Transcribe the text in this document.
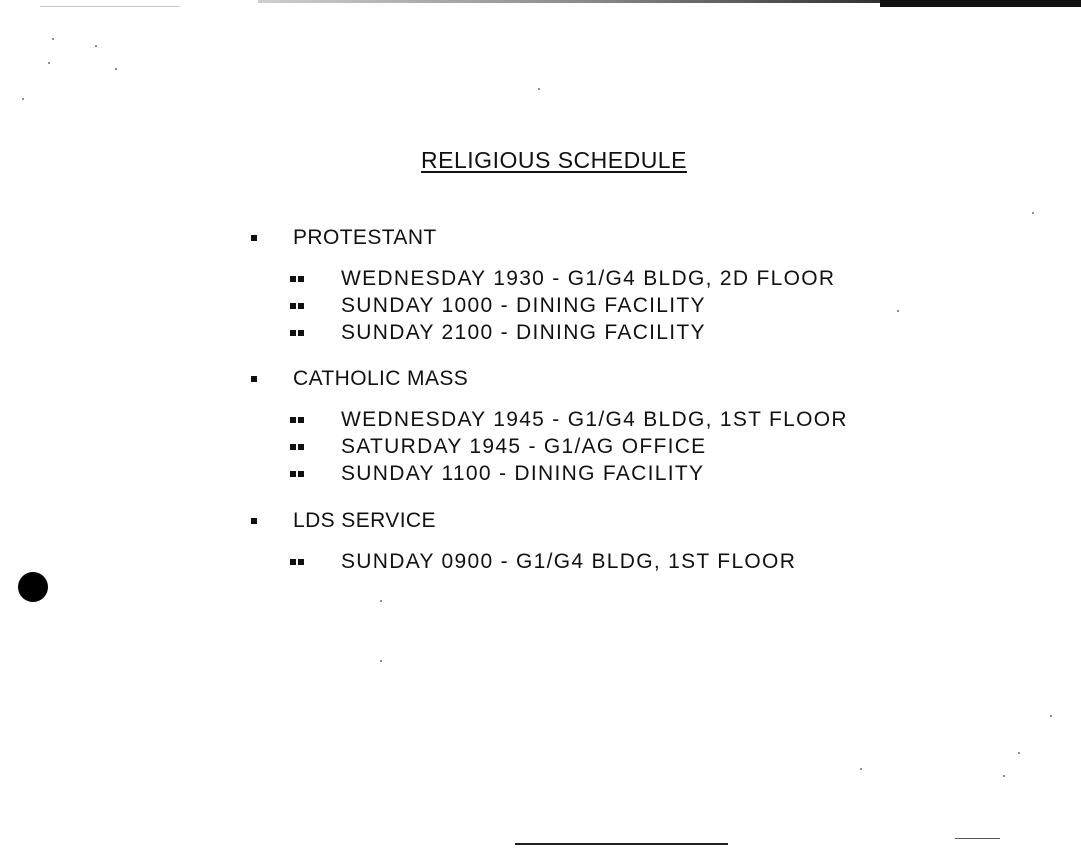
RELIGIOUS SCHEDULE
PROTESTANT
WEDNESDAY 1930 - G1/G4 BLDG, 2D FLOOR
SUNDAY 1000 - DINING FACILITY
SUNDAY 2100 - DINING FACILITY
CATHOLIC MASS
WEDNESDAY 1945 - G1/G4 BLDG, 1ST FLOOR
SATURDAY 1945 - G1/AG OFFICE
SUNDAY 1100 - DINING FACILITY
LDS SERVICE
SUNDAY 0900 - G1/G4 BLDG, 1ST FLOOR
